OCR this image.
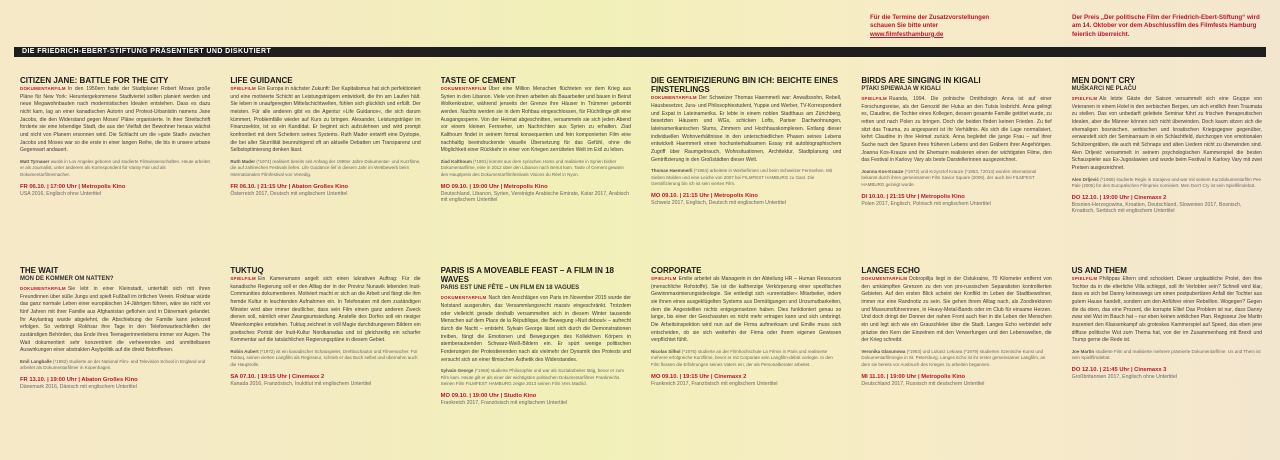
Für die Termine der Zusatzvorstellungen
schauen Sie bitte unter
www.filmfesthamburg.de
Der Preis „Der politische Film der Friedrich-Ebert-Stiftung“ wird am 14. Oktober vor dem Abschlussfilm des Filmfests Hamburg feierlich überreicht.
DIE FRIEDRICH-EBERT-STIFTUNG PRÄSENTIERT UND DISKUTIERT
CITIZEN JANE: BATTLE FOR THE CITY

DOKUMENTARFILM In den 1950ern hatte der Stadtplaner Robert Moses große Pläne für New York: Heruntergekommene Stadtviertel sollten planiert werden und neue Megawohnbauten nach modernistischen Idealen entstehen. Dass es dazu nicht kam, lag an einer kanadischen Autorin und Protest-Urbanistin namens Jane Jacobs, die den Widerstand gegen Moses' Pläne organisierte. In ihrer Streitschrift forderte sie eine lebendige Stadt, die aus der Vielfalt der Bewohner heraus wächst und nicht von Planern ersonnen wird. Die Schlacht um die »gute Stadt« zwischen Jacobs und Moses war so die erste in einer langen Reihe, die bis in unsere urbane Gegenwart andauert.

Matt Tyrnauer wurde in Los Angeles geboren und studierte Filmwissenschaften. Heute arbeitet er als Journalist, unter anderem als Korrespondent für Vanity Fair und als Dokumentarfilmemacher.

FR 06.10. | 17:00 Uhr | Metropolis Kino
USA 2016, Englisch ohne Untertitel
LIFE GUIDANCE

SPIELFILM Ein Europa in nächster Zukunft: Der Kapitalismus hat sich perfektioniert und eine motivierte Schicht an Leistungsträgern entwickelt, die ihn am Laufen hält. Sie leben in unaufgeregten Mittelschichtwelten, fühlen sich glücklich und erfüllt. Der meisten. Für alle anderen gibt es die Agentur »Life Guidance«, die sich darum kümmert, Problemfälle wieder auf Kurs zu bringen. Alexander, Leistungsträger im Finanzsektor, ist so ein Kandidat. Er beginnt sich aufzulehnen und wird prompt konfrontiert mit dem Scheitern seines Systems. Ruth Mader entwirft eine Dystopie, die bei aller Skurrilität beunruhigend oft an aktuelle Debatten um Transparenz und Selbstoptimierung denken lässt.

Ruth Mader (*1974) realisiert bereits seit Anfang der 1990er Jahre Dokumentar- und Kurzfilme, die auf zahlreichen Festivals liefen. Life Guidance lief in diesem Jahr im Wettbewerb beim Internationalen Filmfestival von Venedig.

FR 06.10. | 21:15 Uhr | Abaton Großes Kino
Österreich 2017, Deutsch mit englischem Untertitel
TASTE OF CEMENT

DOKUMENTARFILM Über eine Million Menschen flüchteten vor dem Krieg aus Syrien in den Libanon. Viele von ihnen arbeiten als Bauarbeiter und bauen in Beirut Wolkenkratzer, während jenseits der Grenze ihre Häuser in Trümmer gebombt werden. Nachts werden sie in dem Rohbau eingeschlossen, für Flüchtlinge gilt eine Ausgangssperre. Von der Heimat abgeschnitten, versammeln sie sich jeden Abend vor einem kleinen Fernseher, um Nachrichten aus Syrien zu erhalten. Ziad Kalthoum findet in seinem formal konsequenten und fein komponierten Film eine nachhaltig beeindruckende visuelle Übersetzung für das Gefühl, ohne die Möglichkeit einer Rückkehr in einer von Kriegen zerrütteten Welt im Exil zu leben.

Ziad Kalthoum (*1981) kommt aus dem syrischen Homs und realisierte in Syrien bisher Dokumentarfilme, eine in 2012 über den Libanon nach Beirut kam. Taste of Cement gewann den Hauptpreis des Dokumentarfilmfestivals Visions du Réel in Nyon.

MO 09.10. | 19:00 Uhr | Metropolis Kino
Deutschland, Libanon, Syrien, Vereinigte Arabische Emirate, Katar 2017, Arabisch mit englischem Untertitel
DIE GENTRIFIZIERUNG BIN ICH: BEICHTE EINES FINSTERLINGS

DOKUMENTARFILM Der Schweizer Thomas Haemmerli war: Anwaltssohn, Rebell, Hausbesetzer, Jura- und Philosophiestudent, Yuppie und Werber, TV-Korrespondent und Expat in Lateinamerika. Er lebte in einem noblen Stadthaus am Zürichberg, besetzten Häusern und WGs, schicken Lofts, Pariser Dachwohnungen, lateinamerikanischen Slums, Zimmern und Hochhauskomplexen. Entlang dieser individuellen Wohnverhältnisse in den unterschiedlichen Phasen seines Lebens entwickelt Haemmerli einen hochunterhaltsamen Essay mit autobiographischem Zugriff über Raumgebrauch, Wohnsituationen, Architektur, Stadtplanung und Gentrifizierung in den Großstädten dieser Welt.

Thomas Haemmerli (*1964) arbeitete in Werbefirmen und beim Schweizer Fernsehen. Mit Sieben Mulden und eine Leiche von 2007 bei FILMFEST HAMBURG zu Gast. Die Gentrifizierung bin ich ist sein viertes Film.

MO 09.10. | 21:15 Uhr | Metropolis Kino
Schweiz 2017, Englisch, Deutsch mit englischem Untertitel
BIRDS ARE SINGING IN KIGALI
PTAKI SPIEWAJA W KIGALI

SPIELFILM Ruanda, 1994. Die polnische Ornithologin Anna ist auf einer Forschungsreise, als der Genozid der Hutus an den Tutsis losbricht. Anna gelingt es, Claudine, die Tochter eines Kollegen, dessen gesamte Familie getötet wurde, zu retten und nach Polen zu bringen. Doch die beiden finden keinen Frieden. Zu tief sitzt das Trauma, zu angespannt ist ihr Verhältnis. Als sich die Lage normalisiert, kehrt Claudine in ihre Heimat zurück. Anna begleitet die junge Frau – auf ihrer Suche nach den Spuren ihres früheren Lebens und den Gräbern ihrer Angehörigen. Joanna Kos-Krauze und ihr Ehemann realisieren einen der wichtigsten Filme, den das Festival in Karlovy Vary als beste Darstellerinnen ausgezeichnet.

Joanna Kos-Krauze (*1972) und Krzysztof Krauze (*1953, †2014) wurden international bekannt durch ihren gemeinsamen Film Savior Square (2006), der auch bei FILMFEST HAMBURG gezeigt wurde.

DI 10.10. | 21:15 Uhr | Metropolis Kino
Polen 2017, Englisch, Polnisch mit englischem Untertitel
MEN DON'T CRY
MUŠKARCI NE PLAČU

SPIELFILM Als letzte Gäste der Saison versammelt sich eine Gruppe von Veteranen in einem Hotel in den serbischen Bergen, um sich endlich ihren Traumata zu stellen. Das von unbedarft geleitete Seminar führt zu frischen therapeutischen Idealen, aber die Männer können sich nicht überwinden. Doch kaum sitzen sich die ehemaligen bosnischen, serbischen und kroatischen Kriegsgegner gegenüber, verwandelt sich der Seminarraum in ein Schlachtfeld, durchzogen von emotionalen Schützengräben, die auch mit Schnaps und alten Liedern nicht zu überwinden sind. Alen Drljević versammelt in seinem psychologischen Kammerspiel die besten Schauspieler aus Ex-Jugoslawien und wurde beim Festival in Karlovy Vary mit zwei Preisen ausgezeichnet.

Alen Drljević (*1968) studierte Regie in Sarajevo und war mit seinem Kurzdokumentarfilm Pee Pale (2005) für den Europäischen Filmpreis nominiert. Men Don't Cry ist sein Spielfilmdebüt.

DO 12.10. | 19:00 Uhr | Cinemaxx 2
Bosnien-Herzegowina, Kroatien, Deutschland, Slowenien 2017, Bosnisch, Kroatisch, Serbisch mit englischem Untertitel
THE WAIT
MON DE KOMMER OM NATTEN?

DOKUMENTARFILM Sie lebt in einer Kleinstadt, unterhält sich mit ihren Freundinnen über süße Jungs und spielt Fußball im örtlichen Verein. Rokhsar würde das ganz normale Leben einer europäischen 14-Jährigen führen, wäre sie nicht vor fünf Jahren mit ihrer Familie aus Afghanistan geflohen und in Dänemark gelandet. Ihr Asylantrag wurde abgelehnt, die Abschiebung der Familie kann jederzeit erfolgen. So verbringt Rokhsar ihre Tage in den Telefonwarteschleifen der zuständigen Behörden, das Ende ihres Teenagerinnenlebens immer vor Augen. The Wait dokumentiert sehr konzentriert die verheerenden und unmittelbaren Auswirkungen einer abstrakten Asylpolitik auf die direkt Betroffenen.

Emil Langballe (*1982) studierte an der National Film- and Television School in England und arbeitet als Dokumentarfilmer in Kopenhagen.

FR 13.10. | 19:00 Uhr | Abaton Großes Kino
Dänemark 2016, Dänisch mit englischem Untertitel
TUKTUQ

SPIELFILM Ein Kameramann angelt sich einen lukrativen Auftrag: Für die kanadische Regierung soll er den Alltag der in der Provinz Nunavik lebenden Inuit-Communities dokumentieren. Motiviert macht er sich an die Arbeit und fängt die ihm fremde Kultur in leuchtenden Aufnahmen ein. In Telefonaten mit dem zuständigen Minister wird aber immer deutlicher, dass sein Film einem ganz anderen Zweck dienen soll, nämlich einer Zwangsumsiedlung. Anstelle des Dorfes soll ein riesiger Minenkomplex entstehen. Tuktuq zeichnet in voll Magie durchdrungenen Bildern ein poetisches Porträt der Inuit-Kultur Nordkanadas und ist gleichzeitig ein scharfer Kommentar auf die tatsächlichen Regierungspläne in diesem Gebiet.

Robin Aubert (*1972) ist ein kanadischer Schauspieler, Drehbuchautor und Filmemacher. Für Tuktuq, seinen vierten Langfilm als Regisseur, schrieb er das Buch selbst und übernahm auch die Hauptrolle.

SA 07.10. | 19:15 Uhr | Cinemaxx 2
Kanada 2016, Französisch, Inuktitut mit englischem Untertitel
PARIS IS A MOVEABLE FEAST – A FILM IN 18 WAVES
PARIS EST UNE FÊTE – UN FILM EN 18 VAGUES

DOKUMENTARFILM Nach den Anschlägen von Paris im November 2015 wurde der Notstand ausgerufen, das Versammlungsrecht massiv eingeschränkt. Trotzdem oder vielleicht gerade deshalb versammelten sich in diesem Winter tausende Menschen auf dem Place de la République, die Bewegung »Nuit debout« – aufrecht durch die Nacht – entsteht. Sylvain George lässt sich durch die Demonstrationen treiben, fängt die Emotionen und Bewegungen des Kollektiven Körpers in atemberaubenden Schwarz-Weiß-Bildern ein. Er spürt wenige politischen Forderungen der Protestierenden nach als vielmehr der Dynamik des Protests und versucht sich an einer filmischen Ästhetik des Widerstandes.

Sylvain George (*1968) studierte Philosophie und war als Sozialarbeiter tätig, bevor er zum Film kam. Heute gilt er als einer der wichtigsten politischen Dokumentarfilmer Frankreichs. Seinen Film FILMFEST HAMBURG zeigte 2013 seinen Film Vers Madrid.

MO 09.10. | 19:00 Uhr | Studio Kino
Frankreich 2017, Französisch mit englischem Untertitel
CORPORATE

SPIELFILM Emilie arbeitet als Managerin in der Abteilung HR – Human Resources (menschliche Rohstoffe). Sie ist die kaltherzige Verkörperung einer spezifischen Gewinnmaximierungsideologie. Sie entledigt sich »unrentabler« Mitarbeiter, indem sie ihnen eines ausgeklügelten Systems aus Demütigungen und Unzumutbarkeiten, dem die Angestellten nichts entgegensetzen haben. Dies funktioniert genau so lange, bis einer der Geschassten es nicht mehr ertragen kann und sich umbringt. Die Arbeitsinspektion wird nun auf die Firma aufmerksam und Emilie muss sich entscheiden, ob sie sich weiterhin der Firma oder ihrem eigenen Gewissen verpflichtet fühlt.

Nicolas Silhol (*1976) studierte an der Filmhochschule La Fémis in Paris und realisierte mehrere erfolgreiche Kurzfilme, bevor er mit Corporate sein Langfilm-debüt vorlegte. In den Film flossen die Erfahrungen seines Vaters ein, der als Personalberater arbeitet.

MO 09.10. | 19:15 Uhr | Cinemaxx 2
Frankreich 2017, Französisch mit englischem Untertitel
LANGES ECHO

DOKUMENTARFILM Dobropillja liegt in der Ostukraine, 70 Kilometer entfernt von den umkämpften Grenzen zu den von pro-russischen Separatisten kontrollierten Gebieten. Auf den ersten Blick scheint der Konflikt im Leben der Stadtbewohner, immer nur eine Randnotiz zu sein. Sie gehen ihrem Alltag nach, als Zoodirektoren und Museumsführerinnen, in Heavy-Metal-Bands oder im Club für einsame Herzen. Und doch dringt der Donner der nahen Front auch hier in die Leben der Menschen ein und legt sich wie ein Grauschleier über die Stadt. Langes Echo verbindet sehr präzise den Kern der Einzelnen mit den Verwerfungen und den Lebenswelten, die der Krieg schreibt.

Veronika Glasunowa (*1983) und Lukasz Lekowa (*1979) studierten Szenische Kunst und Dokumentarfilmregie in St. Petersburg. Langes Echo ist ihr erster gemeinsamer Langfilm, an dem sie bereits vor Ausbruch des Krieges zu arbeiten begannen.

MI 11.10. | 19:00 Uhr | Metropolis Kino
Deutschland 2017, Russisch mit deutschem Untertitel
US AND THEM

SPIELFILM Philippas Eltern sind schockiert. Dieser unglaubliche Prolet, den ihre Tochter da in die elterliche Villa schleppt, soll ihr Verlobter sein? Schnell wird klar, dass es sich bei Danny keineswegs um einen postpubertären Anfall der Tochter aus gutem Hause handelt, sondern um den Anführer einer Rebellion. Wogegen? Gegen die da oben, das eine Prozent, die korrupte Elite! Das Problem ist nur, dass Danny zwar viel Wut im Bauch hat – nur eben keinen wirklichen Plan. Regisseur Joe Martin inszeniert den Klassenkampf als groteskes Kammerspiel auf Speed, das eben jene diffuse politische Wut zum Thema hat, von der im Zusammenhang mit Brexit und Trump gerne die Rede ist.

Joe Martin studierte Film und realisierte mehrere prämierte Dokumentarfilme. Us and Them ist sein Spielfilmdebüt.

DO 12.10. | 21:45 Uhr | Cinemaxx 3
Großbritannien 2017, Englisch ohne Untertitel
